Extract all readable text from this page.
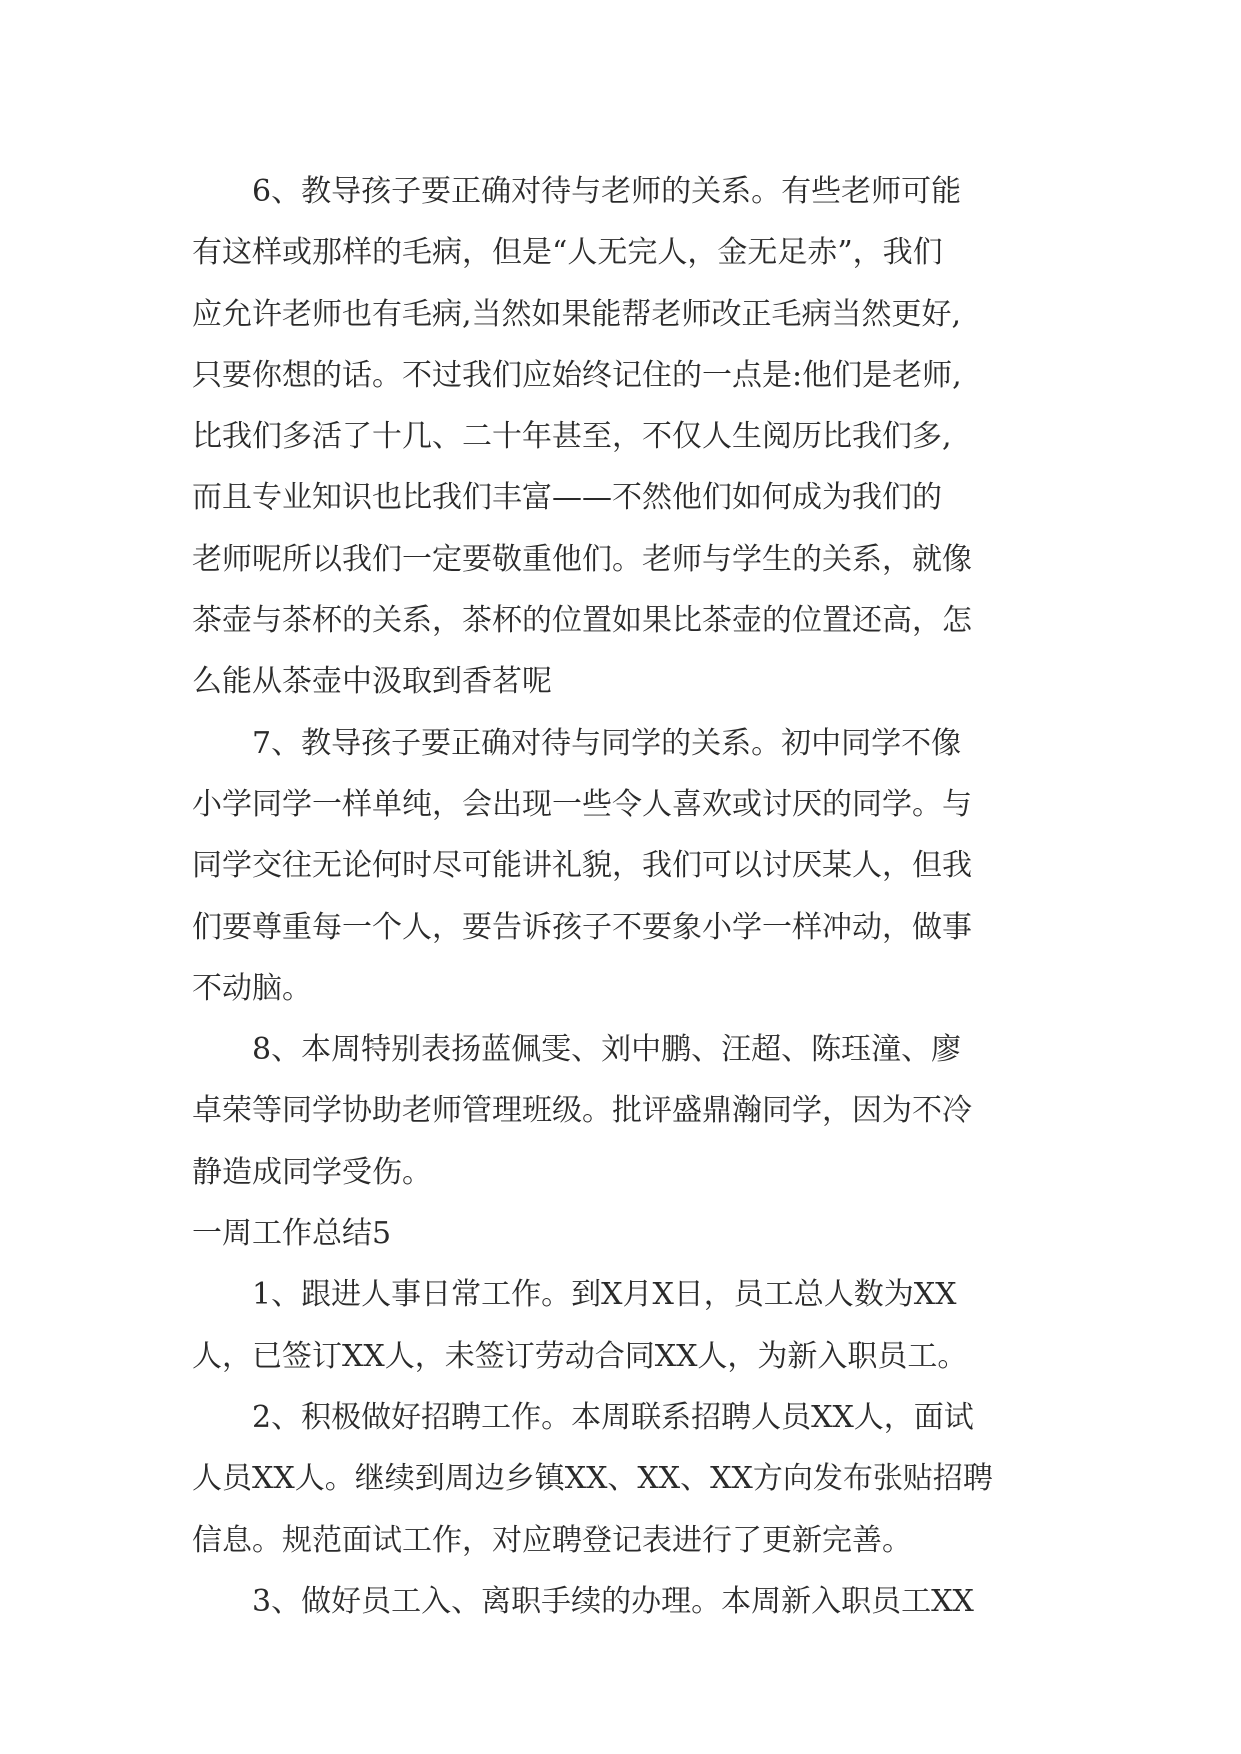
6、教导孩子要正确对待与老师的关系。有些老师可能
有这样或那样的毛病，但是“人无完人，金无足赤”，我们
应允许老师也有毛病,当然如果能帮老师改正毛病当然更好,
只要你想的话。不过我们应始终记住的一点是:他们是老师,
比我们多活了十几、二十年甚至，不仅人生阅历比我们多,
而且专业知识也比我们丰富——不然他们如何成为我们的
老师呢所以我们一定要敬重他们。老师与学生的关系，就像
茶壶与茶杯的关系，茶杯的位置如果比茶壶的位置还高，怎
么能从茶壶中汲取到香茗呢
7、教导孩子要正确对待与同学的关系。初中同学不像
小学同学一样单纯，会出现一些令人喜欢或讨厌的同学。与
同学交往无论何时尽可能讲礼貌，我们可以讨厌某人，但我
们要尊重每一个人，要告诉孩子不要象小学一样冲动，做事
不动脑。
8、本周特别表扬蓝佩雯、刘中鹏、汪超、陈珏潼、廖
卓荣等同学协助老师管理班级。批评盛鼎瀚同学，因为不冷
静造成同学受伤。
一周工作总结5
1、跟进人事日常工作。到X月X日，员工总人数为XX
人，已签订XX人，未签订劳动合同XX人，为新入职员工。
2、积极做好招聘工作。本周联系招聘人员XX人，面试
人员XX人。继续到周边乡镇XX、XX、XX方向发布张贴招聘
信息。规范面试工作，对应聘登记表进行了更新完善。
3、做好员工入、离职手续的办理。本周新入职员工XX
